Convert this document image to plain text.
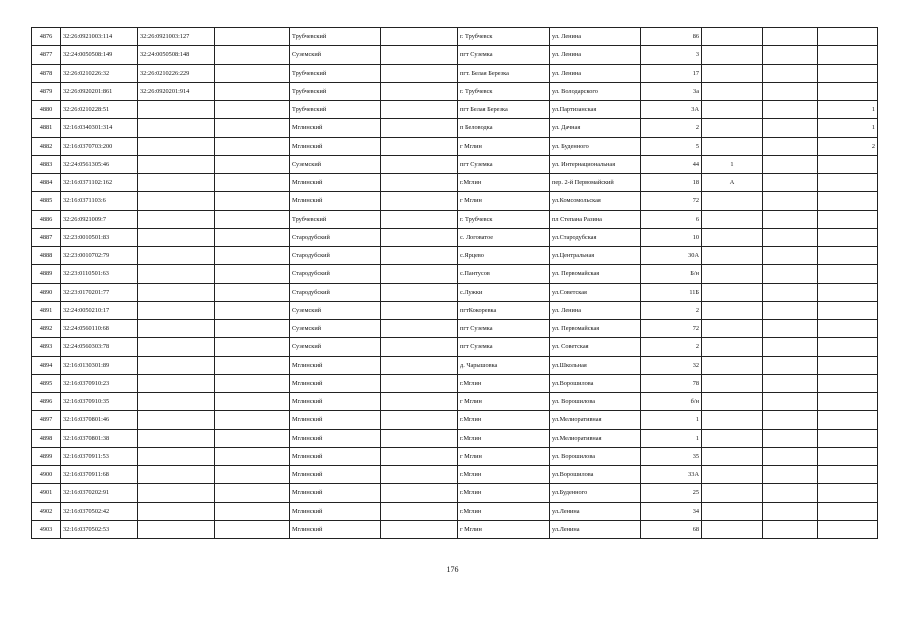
4876	32:26:0921003:114	32:26:0921003:127		Трубчевский		г. Трубчевск	ул. Ленина	86			
4877	32:24:0050508:149	32:24:0050508:148		Суземский		пгт Суземка	ул. Ленина	3			
4878	32:26:0210226:32	32:26:0210226:229		Трубчевский		пгт. Белая Березка	ул. Ленина	17			
4879	32:26:0920201:861	32:26:0920201:914		Трубчевский		г. Трубчевск	ул. Володарского	3а			
4880	32:26:0210228:51			Трубчевский		пгт Белая Березка	ул.Партизанская	3А			1
4881	32:16:0340301:314			Мглинский		п Беловодка	ул. Дачная	2			1
4882	32:16:0370703:200			Мглинский		г Мглин	ул. Буденного	5			2
4883	32:24:0561305:46			Суземский		пгт Суземка	ул. Интернациональная	44	1		
4884	32:16:0371102:162			Мглинский		г.Мглин	пер. 2-й Первомайский	18	А		
4885	32:16:0371103:6			Мглинский		г Мглин	ул.Комсомольская	72			
4886	32:26:0921009:7			Трубчевский		г. Трубчевск	пл Степана Разина	6			
4887	32:23:0010501:83			Стародубский		с. Логоватое	ул.Стародубская	10			
4888	32:23:0010702:79			Стародубский		с.Ярцево	ул.Центральная	30А			
4889	32:23:0110501:63			Стародубский		с.Пантусов	ул. Первомайская	Б/н			
4890	32:23:0170201:77			Стародубский		с.Лужки	ул.Советская	11Б			
4891	32:24:0050210:17			Суземский		пгтКокоревка	ул. Ленина	2			
4892	32:24:0560110:68			Суземский		пгт Суземка	ул. Первомайская	72			
4893	32:24:0560303:78			Суземский		пгт Суземка	ул. Советская	2			
4894	32:16:0130301:89			Мглинский		д. Чарышовка	ул.Школьная	32			
4895	32:16:0370910:23			Мглинский		г.Мглин	ул.Ворошилова	78			
4896	32:16:0370910:35			Мглинский		г Мглин	ул. Ворошилова	б/н			
4897	32:16:0370801:46			Мглинский		г.Мглин	ул.Мелиоративная	1			
4898	32:16:0370801:38			Мглинский		г.Мглин	ул.Мелиоративная	1			
4899	32:16:0370911:53			Мглинский		г Мглин	ул. Ворошилова	35			
4900	32:16:0370911:68			Мглинский		г.Мглин	ул.Ворошилова	33А			
4901	32:16:0370202:91			Мглинский		г.Мглин	ул.Буденного	25			
4902	32:16:0370502:42			Мглинский		г.Мглин	ул.Ленина	34			
4903	32:16:0370502:53			Мглинский		г Мглин	ул.Ленина	68			
176
